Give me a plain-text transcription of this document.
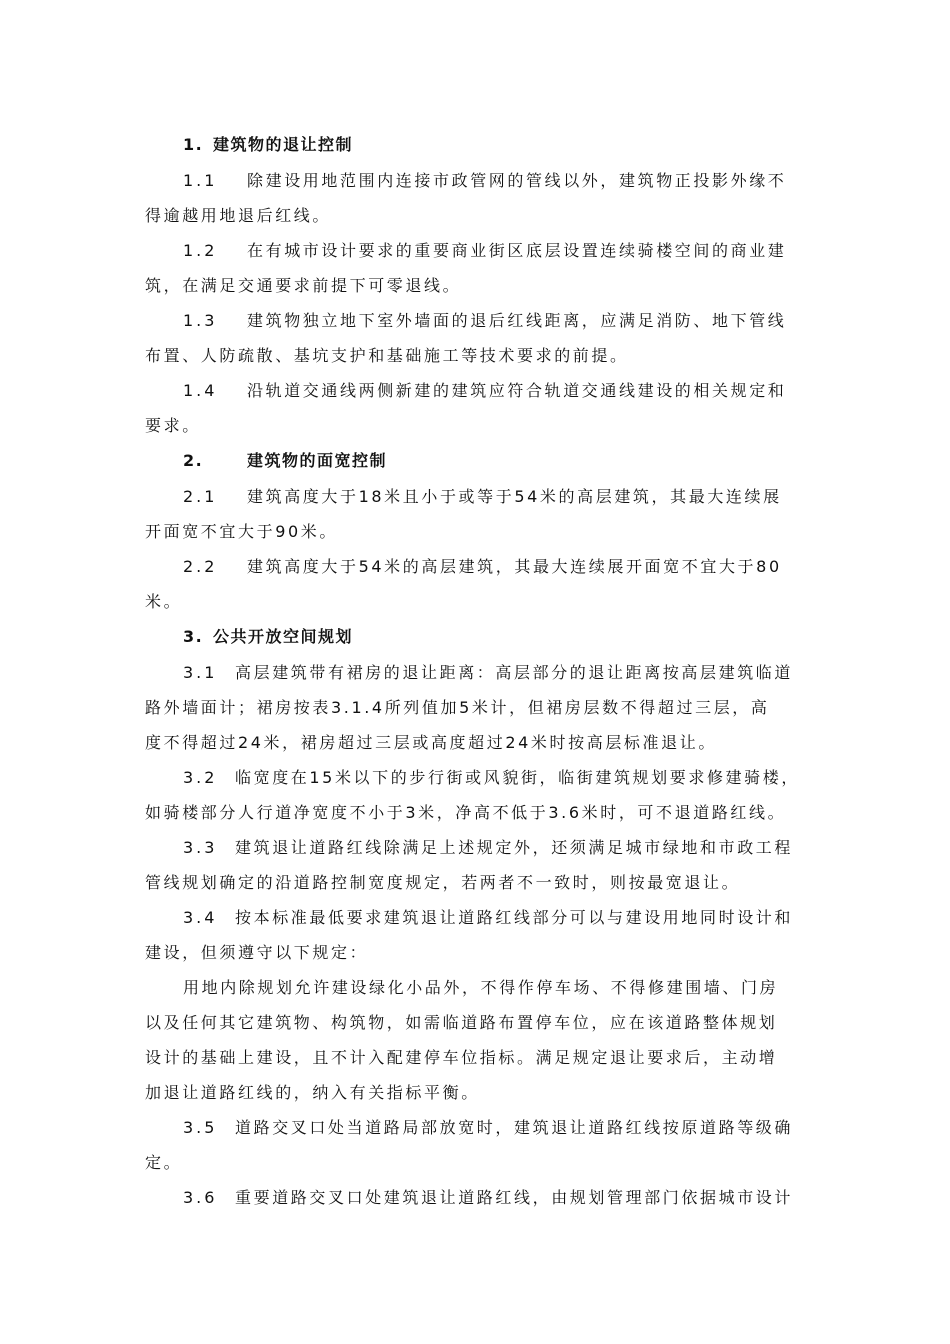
1. 建筑物的退让控制
1.1 除建设用地范围内连接市政管网的管线以外，建筑物正投影外缘不
得逾越用地退后红线。
1.2 在有城市设计要求的重要商业街区底层设置连续骑楼空间的商业建
筑，在满足交通要求前提下可零退线。
1.3 建筑物独立地下室外墙面的退后红线距离，应满足消防、地下管线
布置、人防疏散、基坑支护和基础施工等技术要求的前提。
1.4 沿轨道交通线两侧新建的建筑应符合轨道交通线建设的相关规定和
要求。
2.	建筑物的面宽控制
2.1 建筑高度大于18米且小于或等于54米的高层建筑，其最大连续展
开面宽不宜大于90米。
2.2 建筑高度大于54米的高层建筑，其最大连续展开面宽不宜大于80
米。
3. 公共开放空间规划
3.1 高层建筑带有裙房的退让距离：高层部分的退让距离按高层建筑临道
路外墙面计；裙房按表3.1.4所列值加5米计，但裙房层数不得超过三层，高
度不得超过24米，裙房超过三层或高度超过24米时按高层标准退让。
3.2 临宽度在15米以下的步行街或风貌街，临街建筑规划要求修建骑楼，
如骑楼部分人行道净宽度不小于3米，净高不低于3.6米时，可不退道路红线。
3.3 建筑退让道路红线除满足上述规定外，还须满足城市绿地和市政工程
管线规划确定的沿道路控制宽度规定，若两者不一致时，则按最宽退让。
3.4 按本标准最低要求建筑退让道路红线部分可以与建设用地同时设计和
建设，但须遵守以下规定：
用地内除规划允许建设绿化小品外，不得作停车场、不得修建围墙、门房
以及任何其它建筑物、构筑物，如需临道路布置停车位，应在该道路整体规划
设计的基础上建设，且不计入配建停车位指标。满足规定退让要求后，主动增
加退让道路红线的，纳入有关指标平衡。
3.5 道路交叉口处当道路局部放宽时，建筑退让道路红线按原道路等级确
定。
3.6 重要道路交叉口处建筑退让道路红线，由规划管理部门依据城市设计
